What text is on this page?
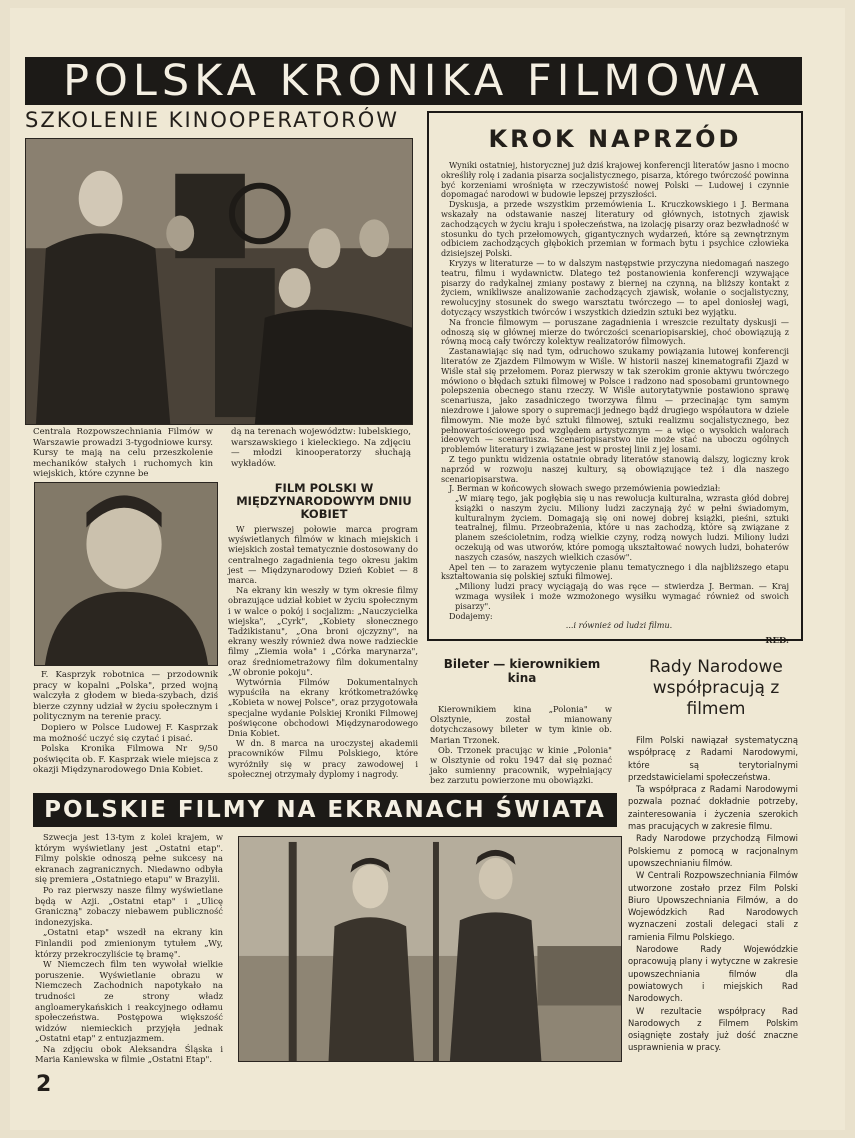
POLSKA KRONIKA FILMOWA
SZKOLENIE KINOOPERATORÓW
Centrala Rozpowszechniania Filmów w Warszawie prowadzi 3-tygodniowe kursy. Kursy te mają na celu przeszkolenie mechaników stałych i ruchomych kin wiejskich, które czynne be
dą na terenach województw: lubelskiego, warszawskiego i kieleckiego. Na zdjęciu — młodzi kinooperatorzy słuchają wykładów.

F. Kasprzyk robotnica — przodownik pracy w kopalni „Polska", przed wojną walczyła z głodem w bieda-szybach, dziś bierze czynny udział w życiu społecznym i politycznym na terenie pracy.

Dopiero w Polsce Ludowej F. Kasprzak ma możność uczyć się czytać i pisać.

Polska Kronika Filmowa Nr 9/50 poświęcita ob. F. Kasprzak wiele miejsca z okazji Międzynarodowego Dnia Kobiet.

FILM POLSKI W MIĘDZYNARODOWYM DNIU KOBIET

W pierwszej połowie marca program wyświetlanych filmów w kinach miejskich i wiejskich został tematycznie dostosowany do centralnego zagadnienia tego okresu jakim jest — Międzynarodowy Dzień Kobiet — 8 marca.

Na ekrany kin weszły w tym okresie filmy obrazujące udział kobiet w życiu społecznym i w walce o pokój i socjalizm: „Nauczycielka wiejska", „Cyrk", „Kobiety słonecznego Tadżikistanu", „Ona broni ojczyzny", na ekrany weszły również dwa nowe radzieckie filmy „Ziemia woła" i „Córka marynarza", oraz średniometrażowy film dokumentalny „W obronie pokoju".

Wytwórnia Filmów Dokumentalnych wypuściła na ekrany krótkometrażówkę „Kobieta w nowej Polsce", oraz przygotowała specjalne wydanie Polskiej Kroniki Filmowej poświęcone obchodowi Międzynarodowego Dnia Kobiet.

W dn. 8 marca na uroczystej akademii pracowników Filmu Polskiego, które wyróżniły się w pracy zawodowej i społecznej otrzymały dyplomy i nagrody.

KROK NAPRZÓD

Wyniki ostatniej, historycznej już dziś krajowej konferencji literatów jasno i mocno określiły rolę i zadania pisarza socjalistycznego, pisarza, którego twórczość powinna być korzeniami wrośnięta w rzeczywistość nowej Polski — Ludowej i czynnie dopomagać narodowi w budowie lepszej przyszłości.

Dyskusja, a przede wszystkim przemówienia L. Kruczkowskiego i J. Bermana wskazały na odstawanie naszej literatury od głównych, istotnych zjawisk zachodzących w życiu kraju i społeczeństwa, na izolację pisarzy oraz bezwładność w stosunku do tych przełomowych, gigantycznych wydarzeń, które są zewnętrznym odbiciem zachodzących głębokich przemian w formach bytu i psychice człowieka dzisiejszej Polski.

Kryzys w literaturze — to w dalszym następstwie przyczyna niedomagań naszego teatru, filmu i wydawnictw. Dlatego też postanowienia konferencji wzywające pisarzy do radykalnej zmiany postawy z biernej na czynną, na bliższy kontakt z życiem, wnikliwsze analizowanie zachodzących zjawisk, wołanie o socjalistyczny, rewolucyjny stosunek do swego warsztatu twórczego — to apel doniosłej wagi, dotyczący wszystkich twórców i wszystkich dziedzin sztuki bez wyjątku.

Na froncie filmowym — poruszane zagadnienia i wreszcie rezultaty dyskusji — odnoszą się w głównej mierze do twórczości scenariopisarskiej, choć obowiązują z równą mocą cały twórczy kolektyw realizatorów filmowych.

Zastanawiając się nad tym, odruchowo szukamy powiązania lutowej konferencji literatów ze Zjazdem Filmowym w Wiśle. W historii naszej kinematografii Zjazd w Wiśle stał się przełomem. Poraz pierwszy w tak szerokim gronie aktywu twórczego mówiono o błędach sztuki filmowej w Polsce i radzono nad sposobami gruntownego polepszenia obecnego stanu rzeczy. W Wiśle autorytatywnie postawiono sprawę scenariusza, jako zasadniczego tworzywa filmu — przecinając tym samym niezdrowe i jałowe spory o supremacji jednego bądź drugiego współautora w dziele filmowym. Nie może być sztuki filmowej, sztuki realizmu socjalistycznego, bez pełnowartościowego pod względem artystycznym — a więc o wysokich walorach ideowych — scenariusza. Scenariopisarstwo nie może stać na uboczu ogólnych problemów literatury i związane jest w prostej linii z jej losami.

Z tego punktu widzenia ostatnie obrady literatów stanowią dalszy, logiczny krok naprzód w rozwoju naszej kultury, są obowiązujące też i dla naszego scenariopisarstwa.

J. Berman w końcowych słowach swego przemówienia powiedział:

„W miarę tego, jak pogłębia się u nas rewolucja kulturalna, wzrasta głód dobrej książki o naszym życiu. Miliony ludzi zaczynają żyć w pełni świadomym, kulturalnym życiem. Domagają się oni nowej dobrej książki, pieśni, sztuki teatralnej, filmu. Przeobrażenia, które u nas zachodzą, które są związane z planem sześcioletnim, rodzą wielkie czyny, rodzą nowych ludzi. Miliony ludzi oczekują od was utworów, które pomogą ukształtować nowych ludzi, bohaterów naszych czasów, naszych wielkich czasów".

Apel ten — to zarazem wytyczenie planu tematycznego i dla najbliższego etapu kształtowania się polskiej sztuki filmowej.

„Miliony ludzi pracy wyciągają do was ręce — stwierdza J. Berman. — Kraj wzmaga wysiłek i może wzmożonego wysiłku wymagać również od swoich pisarzy".

Dodajemy:

...i również od ludzi filmu.

RED.
Bileter — kierownikiem kina

Kierownikiem kina „Polonia" w Olsztynie, został mianowany dotychczasowy bileter w tym kinie ob. Marian Trzonek.

Ob. Trzonek pracując w kinie „Polonia" w Olsztynie od roku 1947 dał się poznać jako sumienny pracownik, wypełniający bez zarzutu powierzone mu obowiązki.

Rady Narodowe współpracują z filmem

Film Polski nawiązał systematyczną współpracę z Radami Narodowymi, które są terytorialnymi przedstawicielami społeczeństwa.

Ta współpraca z Radami Narodowymi pozwala poznać dokładnie potrzeby, zainteresowania i życzenia szerokich mas pracujących w zakresie filmu.

Rady Narodowe przychodzą Filmowi Polskiemu z pomocą w racjonalnym upowszechnianiu filmów.

W Centrali Rozpowszechniania Filmów utworzone zostało przez Film Polski Biuro Upowszechniania Filmów, a do Wojewódzkich Rad Narodowych wyznaczeni zostali delegaci stali z ramienia Filmu Polskiego.

Narodowe Rady Wojewódzkie opracowują plany i wytyczne w zakresie upowszechniania filmów dla powiatowych i miejskich Rad Narodowych.

W rezultacie współpracy Rad Narodowych z Filmem Polskim osiągnięte zostały już dość znaczne usprawnienia w pracy.

POLSKIE FILMY NA EKRANACH ŚWIATA

Szwecja jest 13-tym z kolei krajem, w którym wyświetlany jest „Ostatni etap". Filmy polskie odnoszą pełne sukcesy na ekranach zagranicznych. Niedawno odbyła się premiera „Ostatniego etapu" w Brazylii.

Po raz pierwszy nasze filmy wyświetlane będą w Azji. „Ostatni etap" i „Ulicę Graniczną" zobaczy niebawem publiczność indonezyjska.

„Ostatni etap" wszedł na ekrany kin Finlandii pod zmienionym tytułem „Wy, którzy przekroczyliście tę bramę".

W Niemczech film ten wywołał wielkie poruszenie. Wyświetlanie obrazu w Niemczech Zachodnich napotykało na trudności ze strony władz angloamerykańskich i reakcyjnego odłamu społeczeństwa. Postępowa większość widzów niemieckich przyjęła jednak „Ostatni etap" z entuzjazmem.

Na zdjęciu obok Aleksandra Śląska i Maria Kaniewska w filmie „Ostatni Etap".

2
